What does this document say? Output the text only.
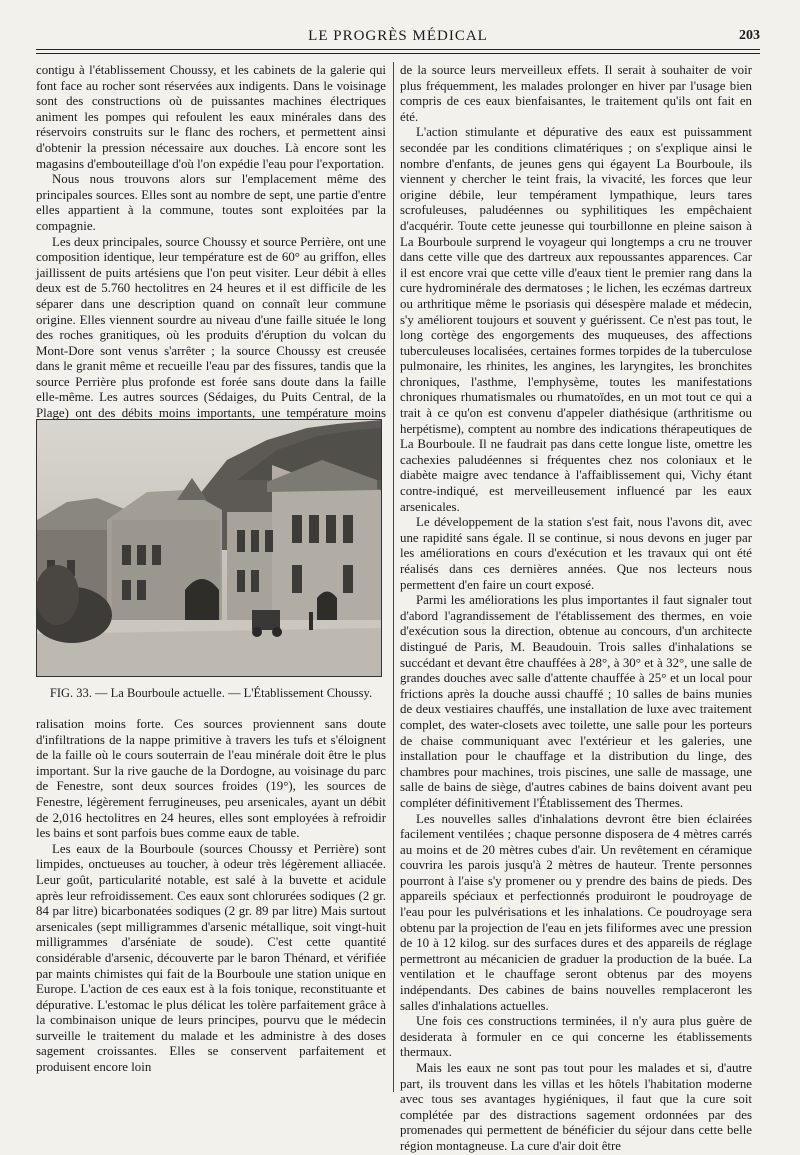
LE PROGRÈS MÉDICAL	203

contigu à l'établissement Choussy, et les cabinets de la galerie qui font face au rocher sont réservées aux indigents. Dans le voisinage sont des constructions où de puissantes machines électriques animent les pompes qui refoulent les eaux minérales dans des réservoirs construits sur le flanc des rochers, et permettent ainsi d'obtenir la pression nécessaire aux douches. Là encore sont les magasins d'embouteillage d'où l'on expédie l'eau pour l'exportation.

Nous nous trouvons alors sur l'emplacement même des principales sources. Elles sont au nombre de sept, une partie d'entre elles appartient à la commune, toutes sont exploitées par la compagnie.

Les deux principales, source Choussy et source Perrière, ont une composition identique, leur température est de 60° au griffon, elles jaillissent de puits artésiens que l'on peut visiter. Leur débit à elles deux est de 5.760 hectolitres en 24 heures et il est difficile de les séparer dans une description quand on connaît leur commune origine. Elles viennent sourdre au niveau d'une faille située le long des roches granitiques, où les produits d'éruption du volcan du Mont-Dore sont venus s'arrêter ; la source Choussy est creusée dans le granit même et recueille l'eau par des fissures, tandis que la source Perrière plus profonde est forée sans doute dans la faille elle-même. Les autres sources (Sédaiges, du Puits Central, de la Plage) ont des débits moins importants, une température moins

FIG. 33. — La Bourboule actuelle. — L'Établissement Choussy.

ralisation moins forte. Ces sources proviennent sans doute d'infiltrations de la nappe primitive à travers les tufs et s'éloignent de la faille où le cours souterrain de l'eau minérale doit être le plus important. Sur la rive gauche de la Dordogne, au voisinage du parc de Fenestre, sont deux sources froides (19°), les sources de Fenestre, légèrement ferrugineuses, peu arsenicales, ayant un débit de 2,016 hectolitres en 24 heures, elles sont employées à refroidir les bains et sont parfois bues comme eaux de table.

Les eaux de la Bourboule (sources Choussy et Perrière) sont limpides, onctueuses au toucher, à odeur très légèrement alliacée. Leur goût, particularité notable, est salé à la buvette et acidule après leur refroidissement. Ces eaux sont chlorurées sodiques (2 gr. 84 par litre) bicarbonatées sodiques (2 gr. 89 par litre) Mais surtout arsenicales (sept milligrammes d'arsenic métallique, soit vingt-huit milligrammes d'arséniate de soude). C'est cette quantité considérable d'arsenic, découverte par le baron Thénard, et vérifiée par maints chimistes qui fait de la Bourboule une station unique en Europe. L'action de ces eaux est à la fois tonique, reconstituante et dépurative. L'estomac le plus délicat les tolère parfaitement grâce à la combinaison unique de leurs principes, pourvu que le médecin surveille le traitement du malade et les administre à des doses sagement croissantes. Elles se conservent parfaitement et produisent encore loin

de la source leurs merveilleux effets. Il serait à souhaiter de voir plus fréquemment, les malades prolonger en hiver par l'usage bien compris de ces eaux bienfaisantes, le traitement qu'ils ont fait en été.

L'action stimulante et dépurative des eaux est puissamment secondée par les conditions climatériques ; on s'explique ainsi le nombre d'enfants, de jeunes gens qui égayent La Bourboule, ils viennent y chercher le teint frais, la vivacité, les forces que leur origine débile, leur tempérament lympathique, leurs tares scrofuleuses, paludéennes ou syphilitiques les empêchaient d'acquérir. Toute cette jeunesse qui tourbillonne en pleine saison à La Bourboule surprend le voyageur qui longtemps a cru ne trouver dans cette ville que des dartreux aux repoussantes apparences. Car il est encore vrai que cette ville d'eaux tient le premier rang dans la cure hydrominérale des dermatoses ; le lichen, les eczémas dartreux ou arthritique même le psoriasis qui désespère malade et médecin, s'y améliorent toujours et souvent y guérissent. Ce n'est pas tout, le long cortège des engorgements des muqueuses, des affections tuberculeuses localisées, certaines formes torpides de la tuberculose pulmonaire, les rhinites, les angines, les laryngites, les bronchites chroniques, l'asthme, l'emphysème, toutes les manifestations chroniques rhumatismales ou rhumatoïdes, en un mot tout ce qui a trait à ce qu'on est convenu d'appeler diathésique (arthritisme ou herpétisme), comptent au nombre des indications thérapeutiques de La Bourboule. Il ne faudrait pas dans cette longue liste, omettre les cachexies paludéennes si fréquentes chez nos coloniaux et le diabète maigre avec tendance à l'affaiblissement qui, Vichy étant contre-indiqué, est merveilleusement influencé par les eaux arsenicales.

Le développement de la station s'est fait, nous l'avons dit, avec une rapidité sans égale. Il se continue, si nous devons en juger par les améliorations en cours d'exécution et les travaux qui ont été réalisés dans ces dernières années. Que nos lecteurs nous permettent d'en faire un court exposé.

Parmi les améliorations les plus importantes il faut signaler tout d'abord l'agrandissement de l'établissement des thermes, en voie d'exécution sous la direction, obtenue au concours, d'un architecte distingué de Paris, M. Beaudouin. Trois salles d'inhalations se succédant et devant être chauffées à 28°, à 30° et à 32°, une salle de grandes douches avec salle d'attente chauffée à 25° et un local pour frictions après la douche aussi chauffé ; 10 salles de bains munies de deux vestiaires chauffés, une installation de luxe avec traitement complet, des water-closets avec toilette, une salle pour les porteurs de chaise communiquant avec l'extérieur et les galeries, une installation pour le chauffage et la distribution du linge, des chambres pour machines, trois piscines, une salle de massage, une salle de bains de siège, d'autres cabines de bains doivent avant peu compléter définitivement l'Établissement des Thermes.

Les nouvelles salles d'inhalations devront être bien éclairées facilement ventilées ; chaque personne disposera de 4 mètres carrés au moins et de 20 mètres cubes d'air. Un revêtement en céramique couvrira les parois jusqu'à 2 mètres de hauteur. Trente personnes pourront à l'aise s'y promener ou y prendre des bains de pieds. Des appareils spéciaux et perfectionnés produiront le poudroyage de l'eau pour les pulvérisations et les inhalations. Ce poudroyage sera obtenu par la projection de l'eau en jets filiformes avec une pression de 10 à 12 kilog. sur des surfaces dures et des appareils de réglage permettront au mécanicien de graduer la production de la buée. La ventilation et le chauffage seront obtenus par des moyens indépendants. Des cabines de bains nouvelles remplaceront les salles d'inhalations actuelles.

Une fois ces constructions terminées, il n'y aura plus guère de desiderata à formuler en ce qui concerne les établissements thermaux.

Mais les eaux ne sont pas tout pour les malades et si, d'autre part, ils trouvent dans les villas et les hôtels l'habitation moderne avec tous ses avantages hygiéniques, il faut que la cure soit complétée par des distractions sagement ordonnées par des promenades qui permettent de bénéficier du séjour dans cette belle région montagneuse. La cure d'air doit être
